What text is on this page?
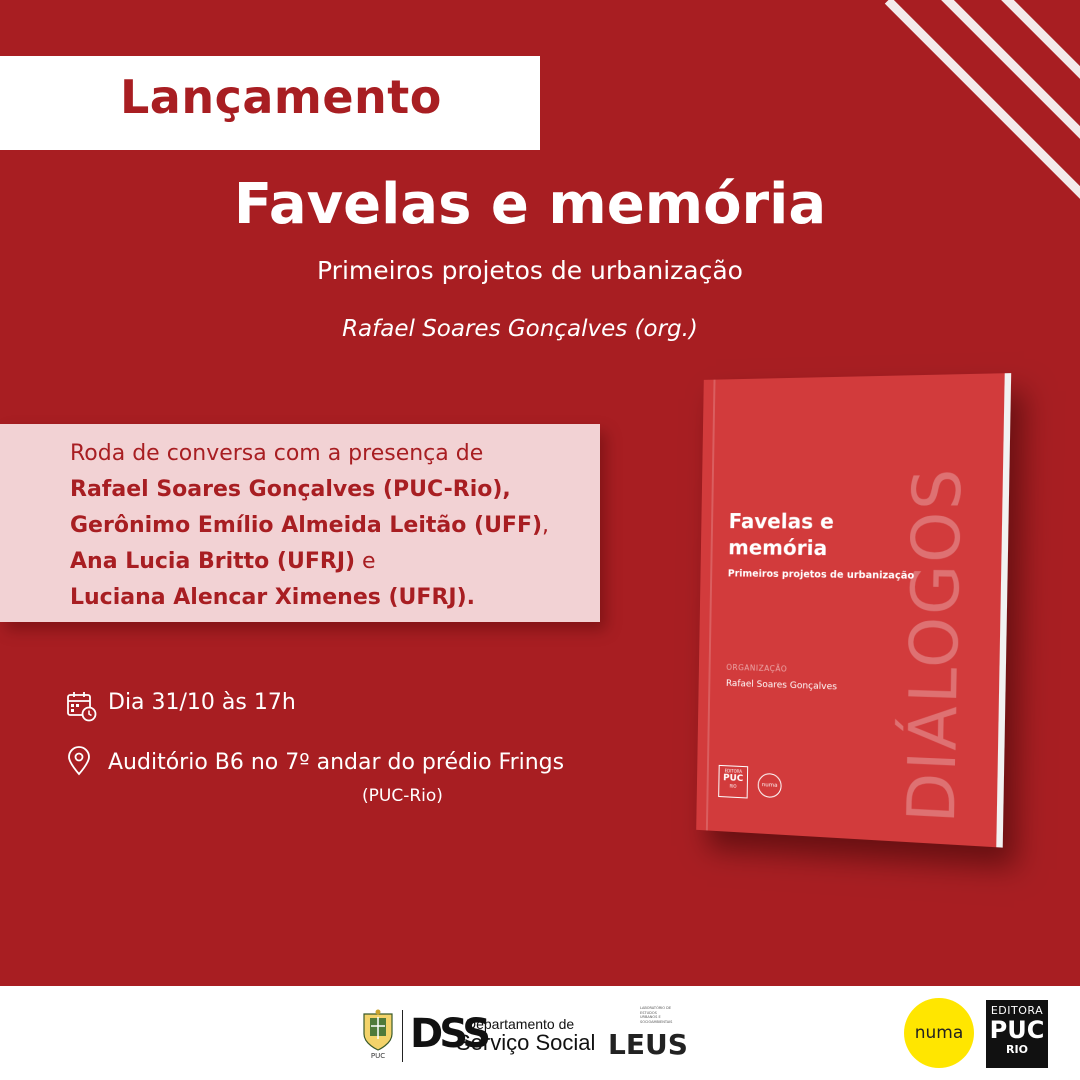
Lançamento
Favelas e memória
Primeiros projetos de urbanização
Rafael Soares Gonçalves (org.)
Roda de conversa com a presença de
Rafael Soares Gonçalves (PUC-Rio),
Gerônimo Emílio Almeida Leitão (UFF),
Ana Lucia Britto (UFRJ) e
Luciana Alencar Ximenes (UFRJ).
Dia 31/10 às 17h
Auditório B6 no 7º andar do prédio Frings
(PUC-Rio)	DIÁLOGOS
Favelas e
memória
Primeiros projetos de urbanização
ORGANIZAÇÃO
Rafael Soares Gonçalves
EDITORA
PUC
RIO	numa
PUC DSS
Departamento de
Serviço Social
LABORATÓRIO DE ESTUDOS URBANOS E SOCIOAMBIENTAIS
LEUS	numa
EDITORA
PUC
RIO
